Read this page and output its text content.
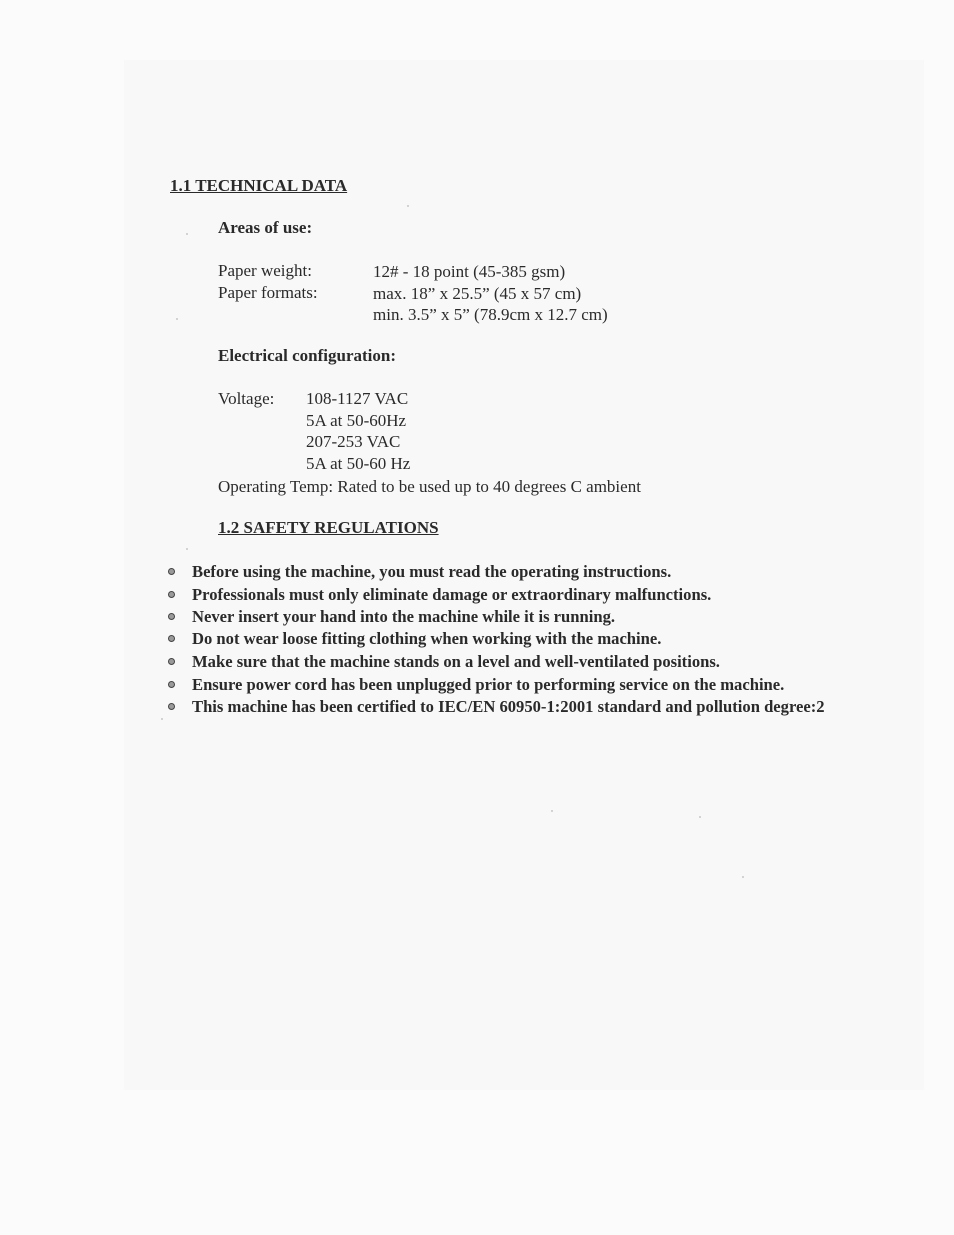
1.1 TECHNICAL DATA
Areas of use:
Paper weight:	12# - 18 point (45-385 gsm)
Paper formats:	max. 18” x 25.5” (45 x 57 cm)
min. 3.5” x 5” (78.9cm x 12.7 cm)
Electrical configuration:
Voltage: 108-1127 VAC
5A at 50-60Hz
207-253 VAC
5A at 50-60 Hz
Operating Temp: Rated to be used up to 40 degrees C ambient
1.2 SAFETY REGULATIONS
Before using the machine, you must read the operating instructions.
Professionals must only eliminate damage or extraordinary malfunctions.
Never insert your hand into the machine while it is running.
Do not wear loose fitting clothing when working with the machine.
Make sure that the machine stands on a level and well-ventilated positions.
Ensure power cord has been unplugged prior to performing service on the machine.
This machine has been certified to IEC/EN 60950-1:2001 standard and pollution degree:2
